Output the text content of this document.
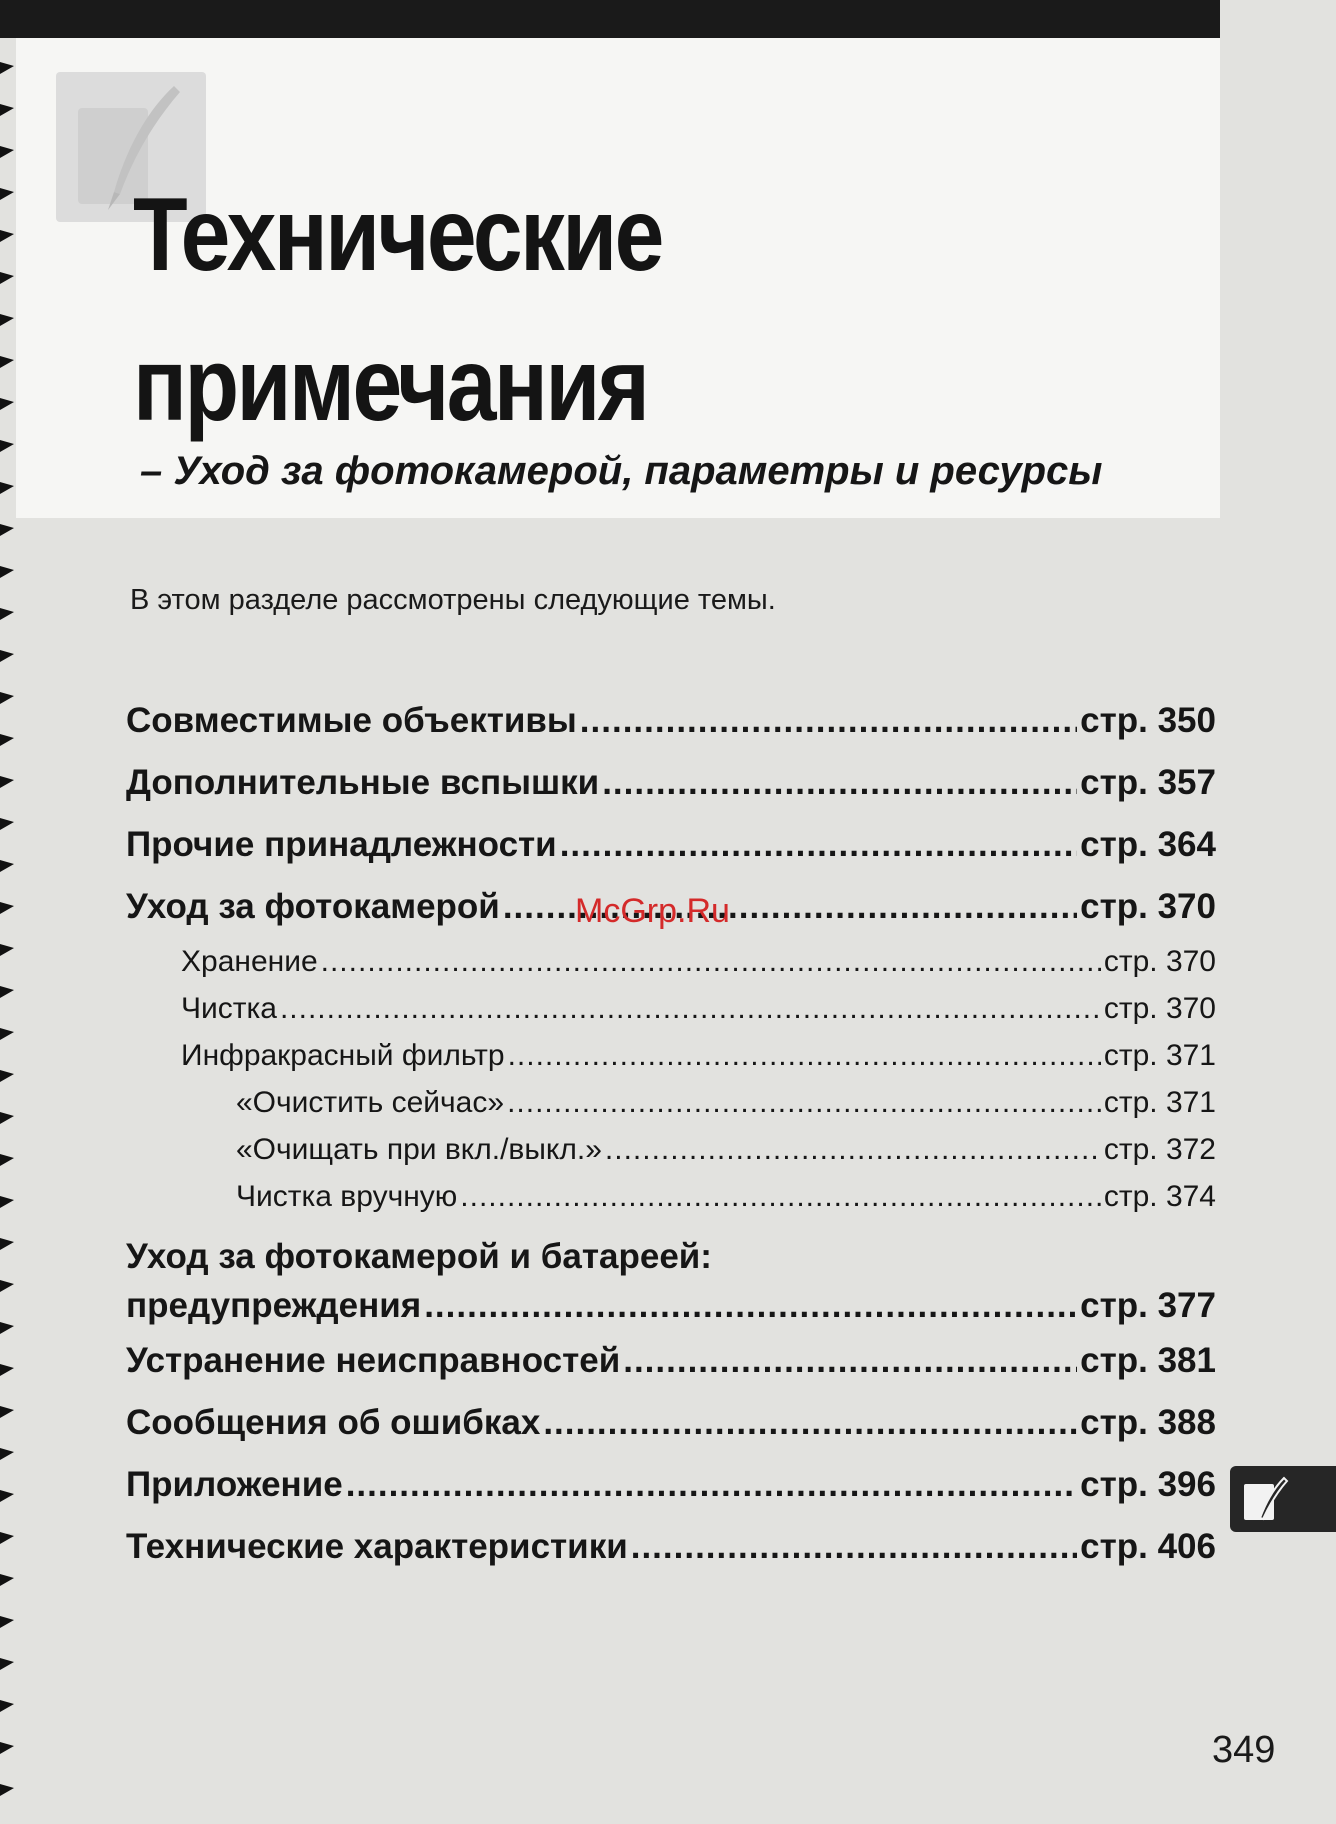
Технические
примечания

– Уход за фотокамерой, параметры и ресурсы

В этом разделе рассмотрены следующие темы.

Совместимые объективы .....	стр. 350
Дополнительные вспышки .....	стр. 357
Прочие принадлежности .....	стр. 364
Уход за фотокамерой .....	стр. 370
Хранение .....	стр. 370
Чистка .....	стр. 370
Инфракрасный фильтр .....	стр. 371
«Очистить сейчас» .....	стр. 371
«Очищать при вкл./выкл.» .....	стр. 372
Чистка вручную .....	стр. 374
Уход за фотокамерой и батареей:
предупреждения .....	стр. 377
Устранение неисправностей .....	стр. 381
Сообщения об ошибках .....	стр. 388
Приложение .....	стр. 396
Технические характеристики .....	стр. 406
McGrp.Ru

349
